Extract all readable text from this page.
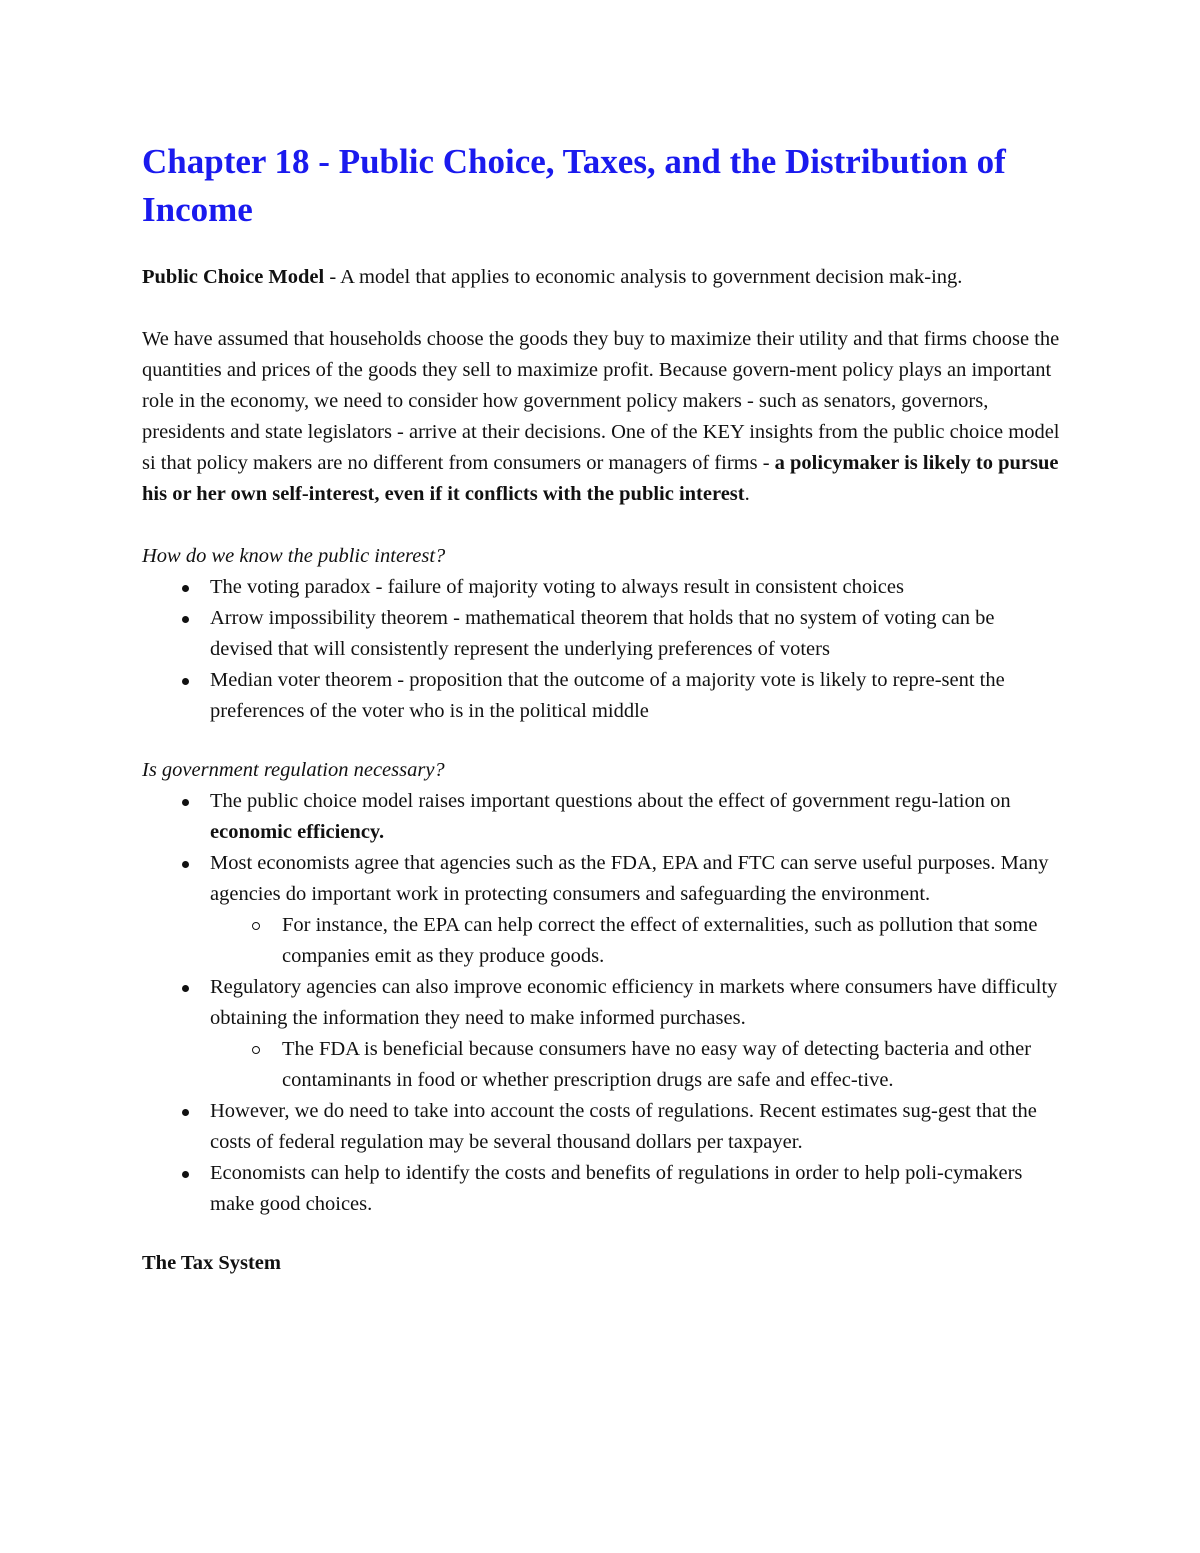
Chapter 18 - Public Choice, Taxes, and the Distribution of Income

Public Choice Model - A model that applies to economic analysis to government decision mak-ing.

We have assumed that households choose the goods they buy to maximize their utility and that firms choose the quantities and prices of the goods they sell to maximize profit. Because govern-ment policy plays an important role in the economy, we need to consider how government policy makers - such as senators, governors, presidents and state legislators - arrive at their decisions. One of the KEY insights from the public choice model si that policy makers are no different from consumers or managers of firms - a policymaker is likely to pursue his or her own self-interest, even if it conflicts with the public interest.

How do we know the public interest?

The voting paradox - failure of majority voting to always result in consistent choices
Arrow impossibility theorem - mathematical theorem that holds that no system of voting can be devised that will consistently represent the underlying preferences of voters
Median voter theorem - proposition that the outcome of a majority vote is likely to repre-sent the preferences of the voter who is in the political middle

Is government regulation necessary?

The public choice model raises important questions about the effect of government regu-lation on economic efficiency.
Most economists agree that agencies such as the FDA, EPA and FTC can serve useful purposes. Many agencies do important work in protecting consumers and safeguarding the environment.
For instance, the EPA can help correct the effect of externalities, such as pollution that some companies emit as they produce goods.
Regulatory agencies can also improve economic efficiency in markets where consumers have difficulty obtaining the information they need to make informed purchases.
The FDA is beneficial because consumers have no easy way of detecting bacteria and other contaminants in food or whether prescription drugs are safe and effec-tive.
However, we do need to take into account the costs of regulations. Recent estimates sug-gest that the costs of federal regulation may be several thousand dollars per taxpayer.
Economists can help to identify the costs and benefits of regulations in order to help poli-cymakers make good choices.

The Tax System
